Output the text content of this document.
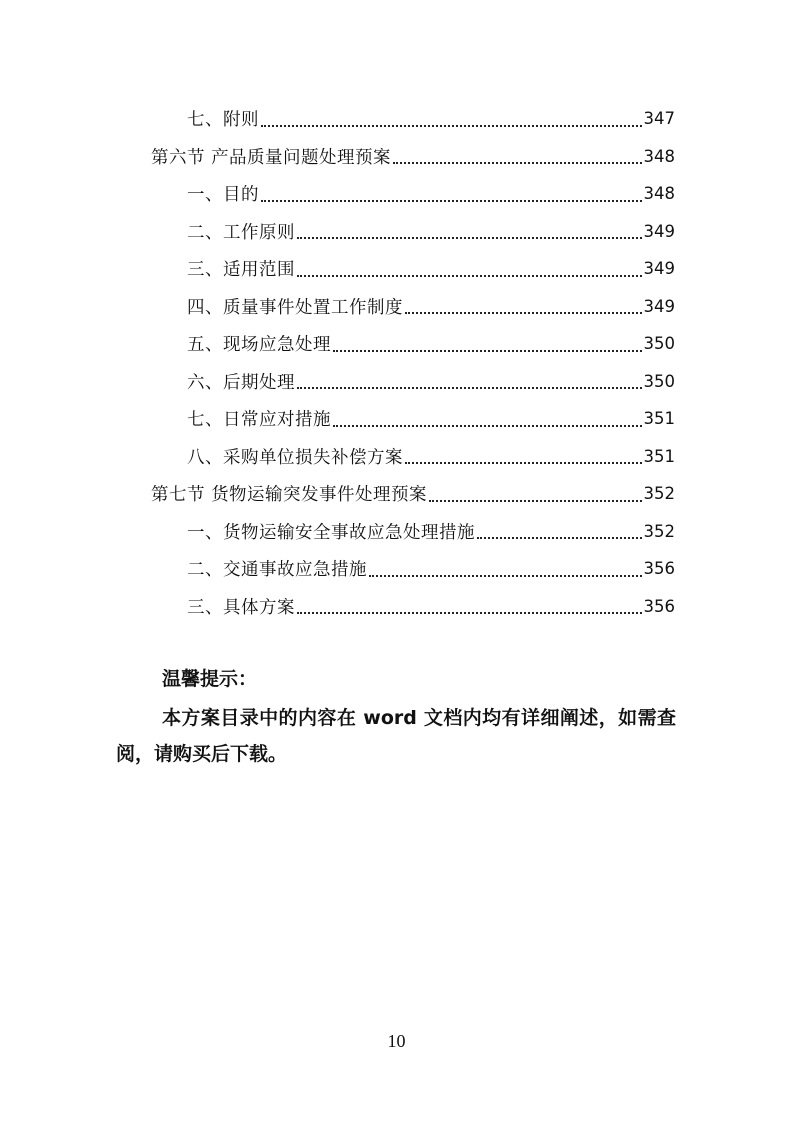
七、附则	347
第六节 产品质量问题处理预案	348
一、目的	348
二、工作原则	349
三、适用范围	349
四、质量事件处置工作制度	349
五、现场应急处理	350
六、后期处理	350
七、日常应对措施	351
八、采购单位损失补偿方案	351
第七节 货物运输突发事件处理预案	352
一、货物运输安全事故应急处理措施	352
二、交通事故应急措施	356
三、具体方案	356
温馨提示：
本方案目录中的内容在 word 文档内均有详细阐述，如需查阅，请购买后下载。
10
